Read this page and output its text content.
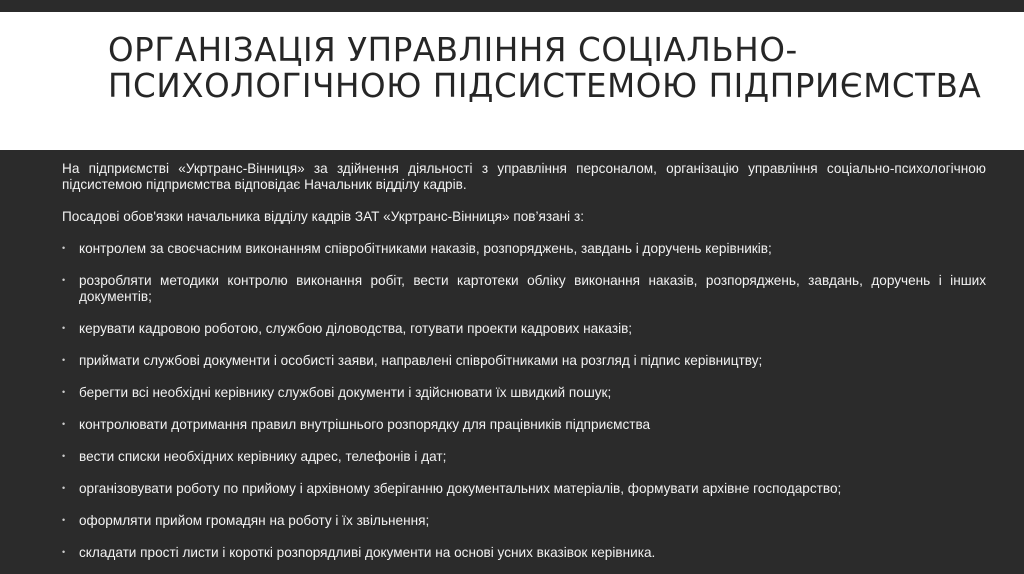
ОРГАНІЗАЦІЯ УПРАВЛІННЯ СОЦІАЛЬНО-ПСИХОЛОГІЧНОЮ ПІДСИСТЕМОЮ ПІДПРИЄМСТВА

На підприємстві «Укртранс-Вінниця» за здійнення діяльності з управління персоналом, організацію управління соціально-психологічною підсистемою підприємства відповідає Начальник відділу кадрів.

Посадові обов'язки начальника відділу кадрів ЗАТ «Укртранс-Вінниця» пов’язані з:

• контролем за своєчасним виконанням співробітниками наказів, розпоряджень, завдань і доручень керівників;
• розробляти методики контролю виконання робіт, вести картотеки обліку виконання наказів, розпоряджень, завдань, доручень і інших документів;
• керувати кадровою роботою, службою діловодства, готувати проекти кадрових наказів;
• приймати службові документи і особисті заяви, направлені співробітниками на розгляд і підпис керівництву;
• берегти всі необхідні керівнику службові документи і здійснювати їх швидкий пошук;
• контролювати дотримання правил внутрішнього розпорядку для працівників підприємства
• вести списки необхідних керівнику адрес, телефонів і дат;
• організовувати роботу по прийому і архівному зберіганню документальних матеріалів, формувати архівне господарство;
• оформляти прийом громадян на роботу і їх звільнення;
• складати прості листи і короткі розпорядливі документи на основі усних вказівок керівника.
